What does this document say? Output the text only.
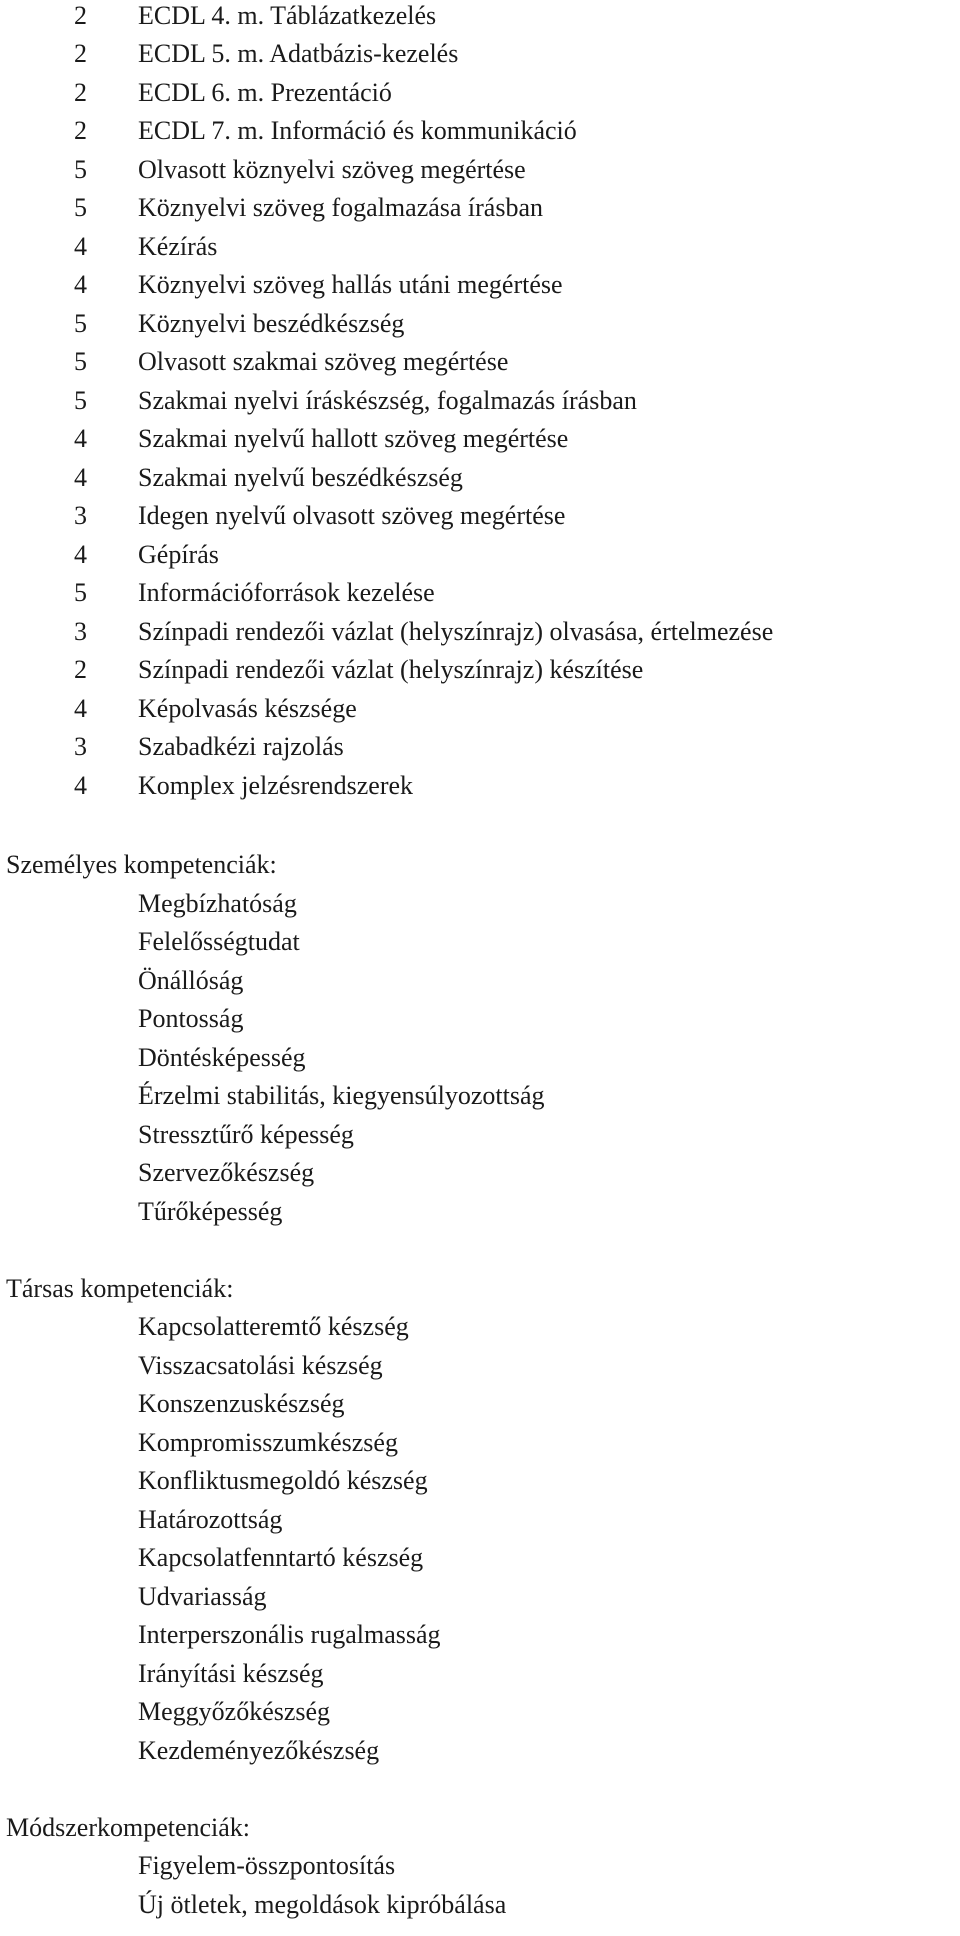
2	ECDL 4. m. Táblázatkezelés
2	ECDL 5. m. Adatbázis-kezelés
2	ECDL 6. m. Prezentáció
2	ECDL 7. m. Információ és kommunikáció
5	Olvasott köznyelvi szöveg megértése
5	Köznyelvi szöveg fogalmazása írásban
4	Kézírás
4	Köznyelvi szöveg hallás utáni megértése
5	Köznyelvi beszédkészség
5	Olvasott szakmai szöveg megértése
5	Szakmai nyelvi íráskészség, fogalmazás írásban
4	Szakmai nyelvű hallott szöveg megértése
4	Szakmai nyelvű beszédkészség
3	Idegen nyelvű olvasott szöveg megértése
4	Gépírás
5	Információforrások kezelése
3	Színpadi rendezői vázlat (helyszínrajz) olvasása, értelmezése
2	Színpadi rendezői vázlat (helyszínrajz) készítése
4	Képolvasás készsége
3	Szabadkézi rajzolás
4	Komplex jelzésrendszerek
Személyes kompetenciák:
Megbízhatóság
Felelősségtudat
Önállóság
Pontosság
Döntésképesség
Érzelmi stabilitás, kiegyensúlyozottság
Stressztűrő képesség
Szervezőkészség
Tűrőképesség
Társas kompetenciák:
Kapcsolatteremtő készség
Visszacsatolási készség
Konszenzuskészség
Kompromisszumkészség
Konfliktusmegoldó készség
Határozottság
Kapcsolatfenntartó készség
Udvariasság
Interperszonális rugalmasság
Irányítási készség
Meggyőzőkészség
Kezdeményezőkészség
Módszerkompetenciák:
Figyelem-összpontosítás
Új ötletek, megoldások kipróbálása
